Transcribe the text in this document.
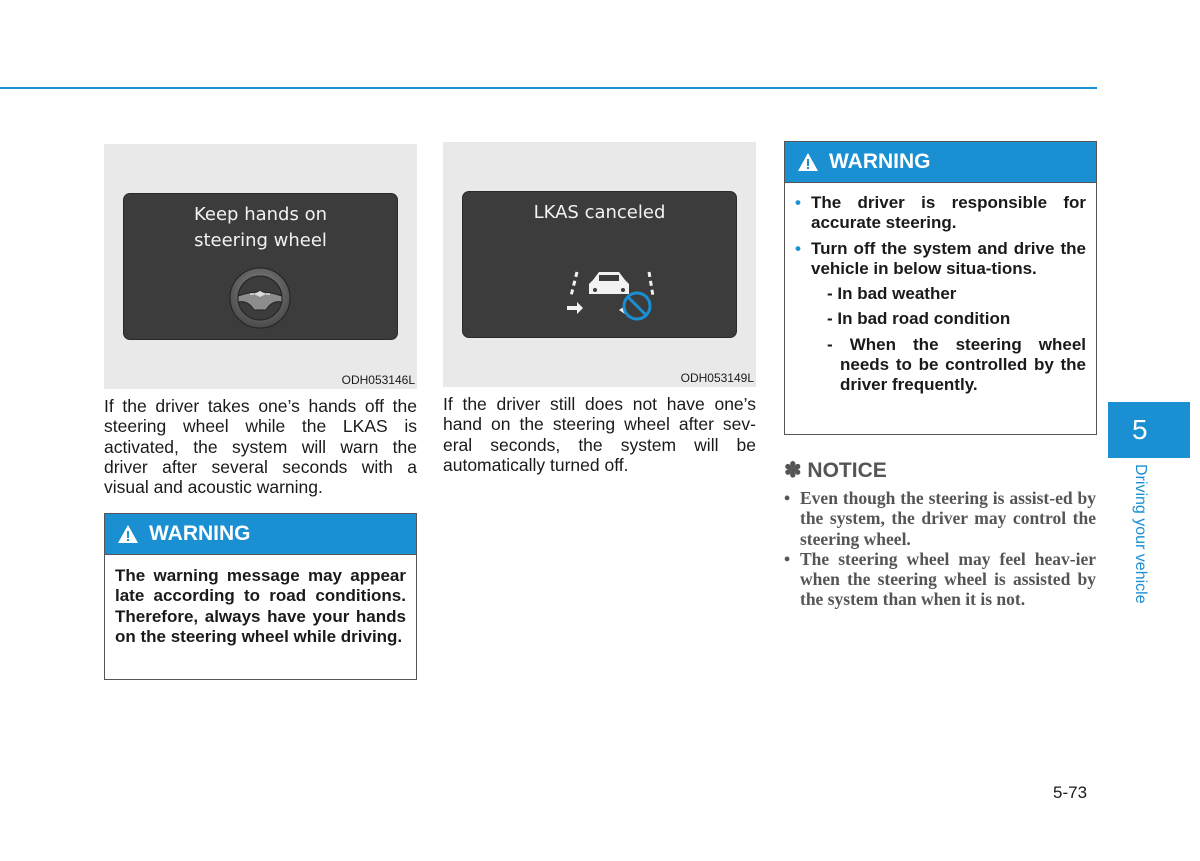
Keep hands on
steering wheel
ODH053146L
LKAS canceled
ODH053149L
If the driver takes one’s hands off the steering wheel while the LKAS is activated, the system will warn the driver after several seconds with a visual and acoustic warning.
If the driver still does not have one’s hand on the steering wheel after sev-eral seconds, the system will be automatically turned off.
WARNING
The warning message may appear late according to road conditions. Therefore, always have your hands on the steering wheel while driving.
WARNING
• The driver is responsible for accurate steering.
• Turn off the system and drive the vehicle in below situa-tions.
- In bad weather
- In bad road condition
- When the steering wheel needs to be controlled by the driver frequently.
✽ NOTICE
• Even though the steering is assist-ed by the system, the driver may control the steering wheel.
• The steering wheel may feel heav-ier when the steering wheel is assisted by the system than when it is not.
5
Driving your vehicle
5-73
